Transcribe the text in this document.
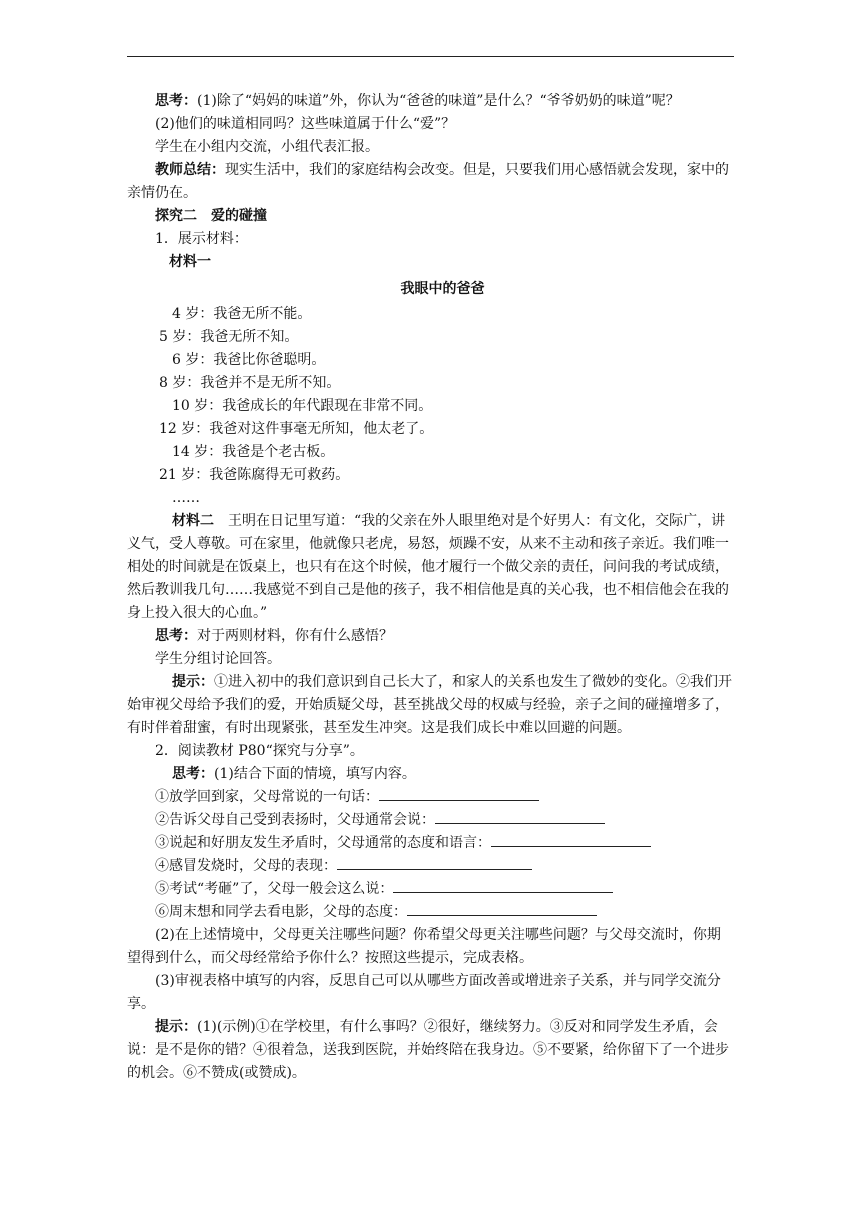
思考：(1)除了“妈妈的味道”外，你认为“爸爸的味道”是什么？“爷爷奶奶的味道”呢？

(2)他们的味道相同吗？这些味道属于什么“爱”？

学生在小组内交流，小组代表汇报。

教师总结：现实生活中，我们的家庭结构会改变。但是，只要我们用心感悟就会发现，家中的亲情仍在。

探究二　爱的碰撞

1．展示材料：

材料一

我眼中的爸爸

4 岁：我爸无所不能。

5 岁：我爸无所不知。

6 岁：我爸比你爸聪明。

8 岁：我爸并不是无所不知。

10 岁：我爸成长的年代跟现在非常不同。

12 岁：我爸对这件事毫无所知，他太老了。

14 岁：我爸是个老古板。

21 岁：我爸陈腐得无可救药。

……

材料二　王明在日记里写道：“我的父亲在外人眼里绝对是个好男人：有文化，交际广，讲义气，受人尊敬。可在家里，他就像只老虎，易怒，烦躁不安，从来不主动和孩子亲近。我们唯一相处的时间就是在饭桌上，也只有在这个时候，他才履行一个做父亲的责任，问问我的考试成绩，然后教训我几句……我感觉不到自己是他的孩子，我不相信他是真的关心我，也不相信他会在我的身上投入很大的心血。”

思考：对于两则材料，你有什么感悟？

学生分组讨论回答。

提示：①进入初中的我们意识到自己长大了，和家人的关系也发生了微妙的变化。②我们开始审视父母给予我们的爱，开始质疑父母，甚至挑战父母的权威与经验，亲子之间的碰撞增多了，有时伴着甜蜜，有时出现紧张，甚至发生冲突。这是我们成长中难以回避的问题。

2．阅读教材 P80“探究与分享”。

思考：(1)结合下面的情境，填写内容。

①放学回到家，父母常说的一句话：

②告诉父母自己受到表扬时，父母通常会说：

③说起和好朋友发生矛盾时，父母通常的态度和语言：

④感冒发烧时，父母的表现：

⑤考试“考砸”了，父母一般会这么说：

⑥周末想和同学去看电影，父母的态度：

(2)在上述情境中，父母更关注哪些问题？你希望父母更关注哪些问题？与父母交流时，你期望得到什么，而父母经常给予你什么？按照这些提示，完成表格。

(3)审视表格中填写的内容，反思自己可以从哪些方面改善或增进亲子关系，并与同学交流分享。

提示：(1)(示例)①在学校里，有什么事吗？②很好，继续努力。③反对和同学发生矛盾，会说：是不是你的错？④很着急，送我到医院，并始终陪在我身边。⑤不要紧，给你留下了一个进步的机会。⑥不赞成(或赞成)。
